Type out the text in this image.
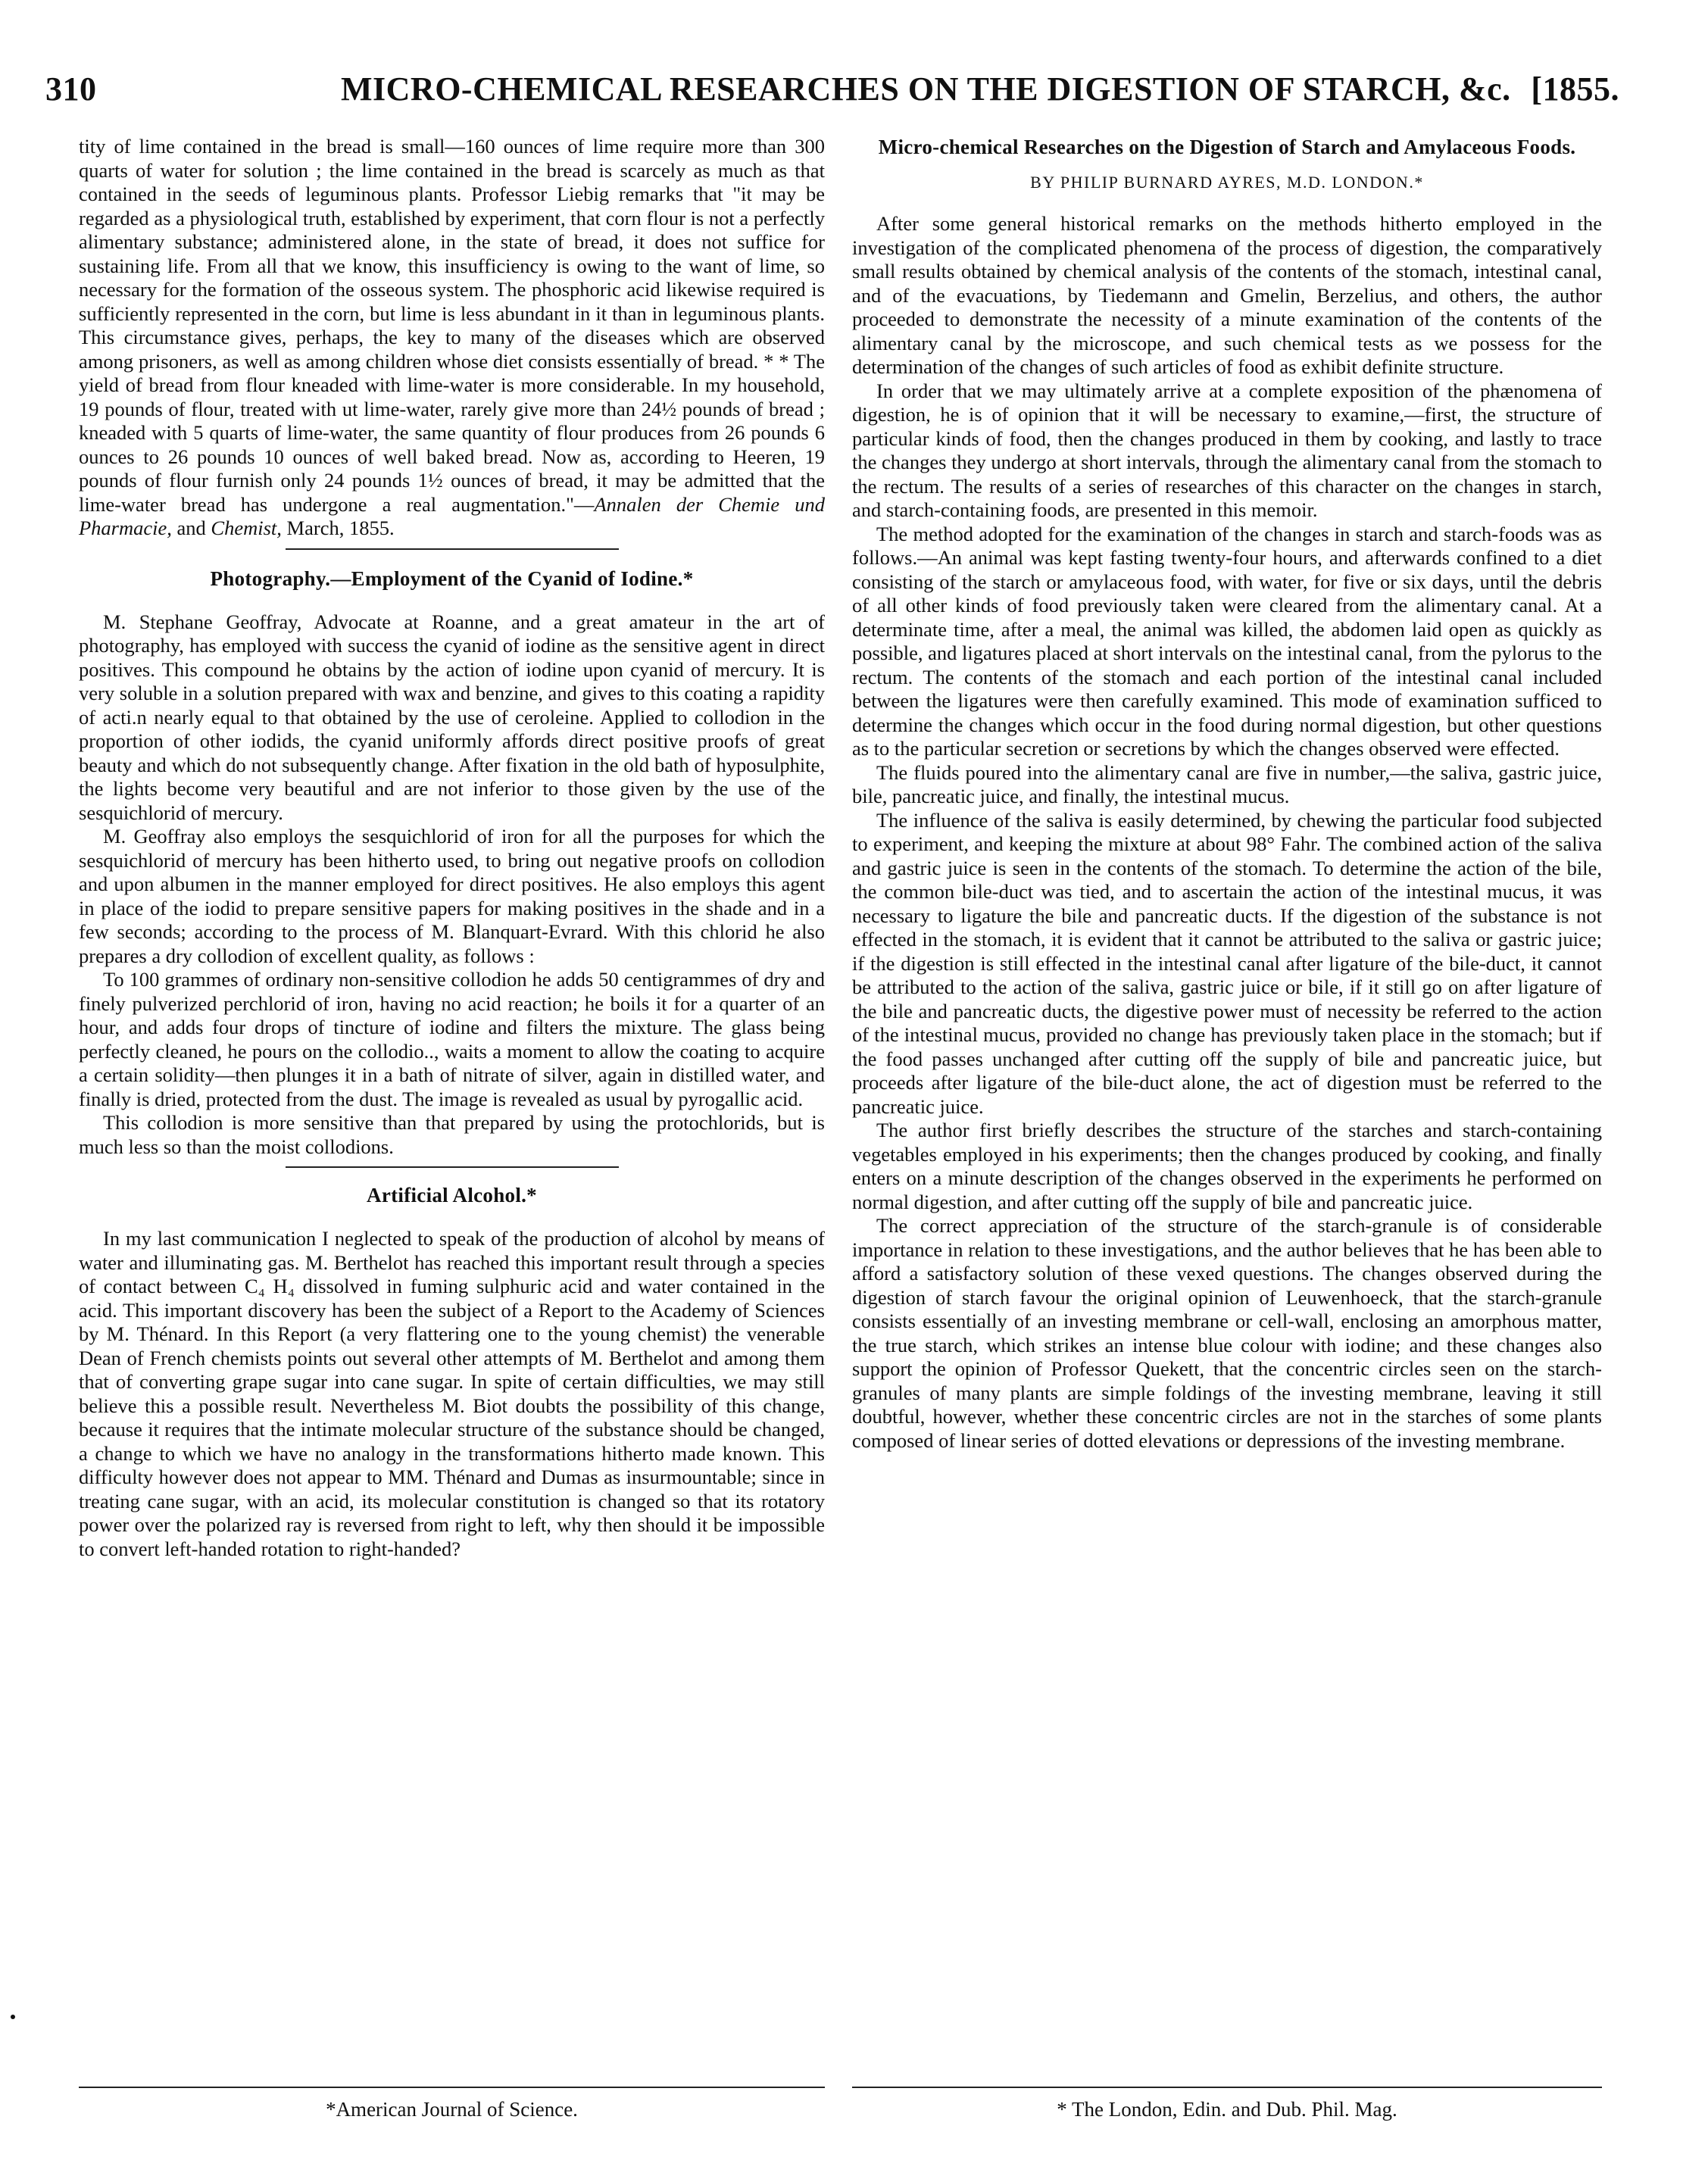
310	MICRO-CHEMICAL RESEARCHES ON THE DIGESTION OF STARCH, &c. [1855.

tity of lime contained in the bread is small—160 ounces of lime require more than 300 quarts of water for solution ; the lime contained in the bread is scarcely as much as that contained in the seeds of leguminous plants. Professor Liebig remarks that "it may be regarded as a physiological truth, established by experiment, that corn flour is not a perfectly alimentary substance; administered alone, in the state of bread, it does not suffice for sustaining life. From all that we know, this insufficiency is owing to the want of lime, so necessary for the formation of the osseous system. The phosphoric acid likewise required is sufficiently represented in the corn, but lime is less abundant in it than in leguminous plants. This circumstance gives, perhaps, the key to many of the diseases which are observed among prisoners, as well as among children whose diet consists essentially of bread. * * The yield of bread from flour kneaded with lime-water is more considerable. In my household, 19 pounds of flour, treated with ut lime-water, rarely give more than 24½ pounds of bread ; kneaded with 5 quarts of lime-water, the same quantity of flour produces from 26 pounds 6 ounces to 26 pounds 10 ounces of well baked bread. Now as, according to Heeren, 19 pounds of flour furnish only 24 pounds 1½ ounces of bread, it may be admitted that the lime-water bread has undergone a real augmentation."—Annalen der Chemie und Pharmacie, and Chemist, March, 1855.

Photography.—Employment of the Cyanid of Iodine.*

M. Stephane Geoffray, Advocate at Roanne, and a great amateur in the art of photography, has employed with success the cyanid of iodine as the sensitive agent in direct positives. This compound he obtains by the action of iodine upon cyanid of mercury. It is very soluble in a solution prepared with wax and benzine, and gives to this coating a rapidity of acti.n nearly equal to that obtained by the use of ceroleine. Applied to collodion in the proportion of other iodids, the cyanid uniformly affords direct positive proofs of great beauty and which do not subsequently change. After fixation in the old bath of hyposulphite, the lights become very beautiful and are not inferior to those given by the use of the sesquichlorid of mercury.

M. Geoffray also employs the sesquichlorid of iron for all the purposes for which the sesquichlorid of mercury has been hitherto used, to bring out negative proofs on collodion and upon albumen in the manner employed for direct positives. He also employs this agent in place of the iodid to prepare sensitive papers for making positives in the shade and in a few seconds; according to the process of M. Blanquart-Evrard. With this chlorid he also prepares a dry collodion of excellent quality, as follows :

To 100 grammes of ordinary non-sensitive collodion he adds 50 centigrammes of dry and finely pulverized perchlorid of iron, having no acid reaction; he boils it for a quarter of an hour, and adds four drops of tincture of iodine and filters the mixture. The glass being perfectly cleaned, he pours on the collodio.., waits a moment to allow the coating to acquire a certain solidity—then plunges it in a bath of nitrate of silver, again in distilled water, and finally is dried, protected from the dust. The image is revealed as usual by pyrogallic acid.

This collodion is more sensitive than that prepared by using the protochlorids, but is much less so than the moist collodions.

Artificial Alcohol.*

In my last communication I neglected to speak of the production of alcohol by means of water and illuminating gas. M. Berthelot has reached this important result through a species of contact between C₄ H₄ dissolved in fuming sulphuric acid and water contained in the acid. This important discovery has been the subject of a Report to the Academy of Sciences by M. Thénard. In this Report (a very flattering one to the young chemist) the venerable Dean of French chemists points out several other attempts of M. Berthelot and among them that of converting grape sugar into cane sugar. In spite of certain difficulties, we may still believe this a possible result. Nevertheless M. Biot doubts the possibility of this change, because it requires that the intimate molecular structure of the substance should be changed, a change to which we have no analogy in the transformations hitherto made known. This difficulty however does not appear to MM. Thénard and Dumas as insurmountable; since in treating cane sugar, with an acid, its molecular constitution is changed so that its rotatory power over the polarized ray is reversed from right to left, why then should it be impossible to convert left-handed rotation to right-handed?

*American Journal of Science.

Micro-chemical Researches on the Digestion of Starch and Amylaceous Foods.

BY PHILIP BURNARD AYRES, M.D. LONDON.*

After some general historical remarks on the methods hitherto employed in the investigation of the complicated phenomena of the process of digestion, the comparatively small results obtained by chemical analysis of the contents of the stomach, intestinal canal, and of the evacuations, by Tiedemann and Gmelin, Berzelius, and others, the author proceeded to demonstrate the necessity of a minute examination of the contents of the alimentary canal by the microscope, and such chemical tests as we possess for the determination of the changes of such articles of food as exhibit definite structure.

In order that we may ultimately arrive at a complete exposition of the phænomena of digestion, he is of opinion that it will be necessary to examine,—first, the structure of particular kinds of food, then the changes produced in them by cooking, and lastly to trace the changes they undergo at short intervals, through the alimentary canal from the stomach to the rectum. The results of a series of researches of this character on the changes in starch, and starch-containing foods, are presented in this memoir.

The method adopted for the examination of the changes in starch and starch-foods was as follows.—An animal was kept fasting twenty-four hours, and afterwards confined to a diet consisting of the starch or amylaceous food, with water, for five or six days, until the debris of all other kinds of food previously taken were cleared from the alimentary canal. At a determinate time, after a meal, the animal was killed, the abdomen laid open as quickly as possible, and ligatures placed at short intervals on the intestinal canal, from the pylorus to the rectum. The contents of the stomach and each portion of the intestinal canal included between the ligatures were then carefully examined. This mode of examination sufficed to determine the changes which occur in the food during normal digestion, but other questions as to the particular secretion or secretions by which the changes observed were effected.

The fluids poured into the alimentary canal are five in number,—the saliva, gastric juice, bile, pancreatic juice, and finally, the intestinal mucus.

The influence of the saliva is easily determined, by chewing the particular food subjected to experiment, and keeping the mixture at about 98° Fahr. The combined action of the saliva and gastric juice is seen in the contents of the stomach. To determine the action of the bile, the common bile-duct was tied, and to ascertain the action of the intestinal mucus, it was necessary to ligature the bile and pancreatic ducts. If the digestion of the substance is not effected in the stomach, it is evident that it cannot be attributed to the saliva or gastric juice; if the digestion is still effected in the intestinal canal after ligature of the bile-duct, it cannot be attributed to the action of the saliva, gastric juice or bile, if it still go on after ligature of the bile and pancreatic ducts, the digestive power must of necessity be referred to the action of the intestinal mucus, provided no change has previously taken place in the stomach; but if the food passes unchanged after cutting off the supply of bile and pancreatic juice, but proceeds after ligature of the bile-duct alone, the act of digestion must be referred to the pancreatic juice.

The author first briefly describes the structure of the starches and starch-containing vegetables employed in his experiments; then the changes produced by cooking, and finally enters on a minute description of the changes observed in the experiments he performed on normal digestion, and after cutting off the supply of bile and pancreatic juice.

The correct appreciation of the structure of the starch-granule is of considerable importance in relation to these investigations, and the author believes that he has been able to afford a satisfactory solution of these vexed questions. The changes observed during the digestion of starch favour the original opinion of Leuwenhoeck, that the starch-granule consists essentially of an investing membrane or cell-wall, enclosing an amorphous matter, the true starch, which strikes an intense blue colour with iodine; and these changes also support the opinion of Professor Quekett, that the concentric circles seen on the starch-granules of many plants are simple foldings of the investing membrane, leaving it still doubtful, however, whether these concentric circles are not in the starches of some plants composed of linear series of dotted elevations or depressions of the investing membrane.

* The London, Edin. and Dub. Phil. Mag.
